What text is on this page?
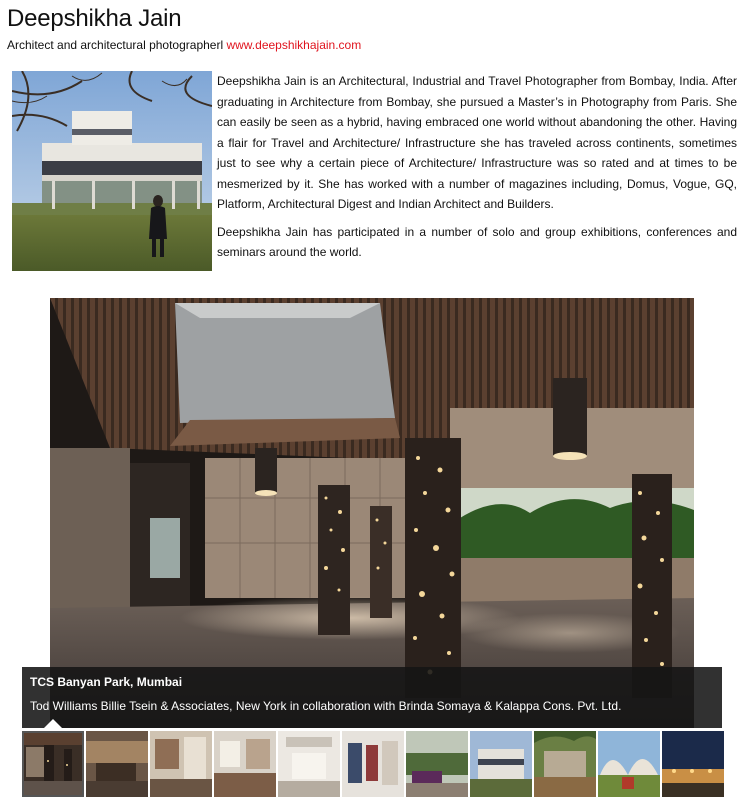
Deepshikha Jain
Architect and architectural photographerl www.deepshikhajain.com

Deepshikha Jain is an Architectural, Industrial and Travel Photographer from Bombay, India. After graduating in Architecture from Bombay, she pursued a Master’s in Photography from Paris. She can easily be seen as a hybrid, having embraced one world without abandoning the other. Having a flair for Travel and Architecture/ Infrastructure she has traveled across continents, sometimes just to see why a certain piece of Architecture/ Infrastructure was so rated and at times to be mesmerized by it. She has worked with a number of magazines including, Domus, Vogue, GQ, Platform, Architectural Digest and Indian Architect and Builders.

Deepshikha Jain has participated in a number of solo and group exhibitions, conferences and seminars around the world.

TCS Banyan Park, Mumbai
Tod Williams Billie Tsein & Associates, New York in collaboration with Brinda Somaya & Kalappa Cons. Pvt. Ltd.
